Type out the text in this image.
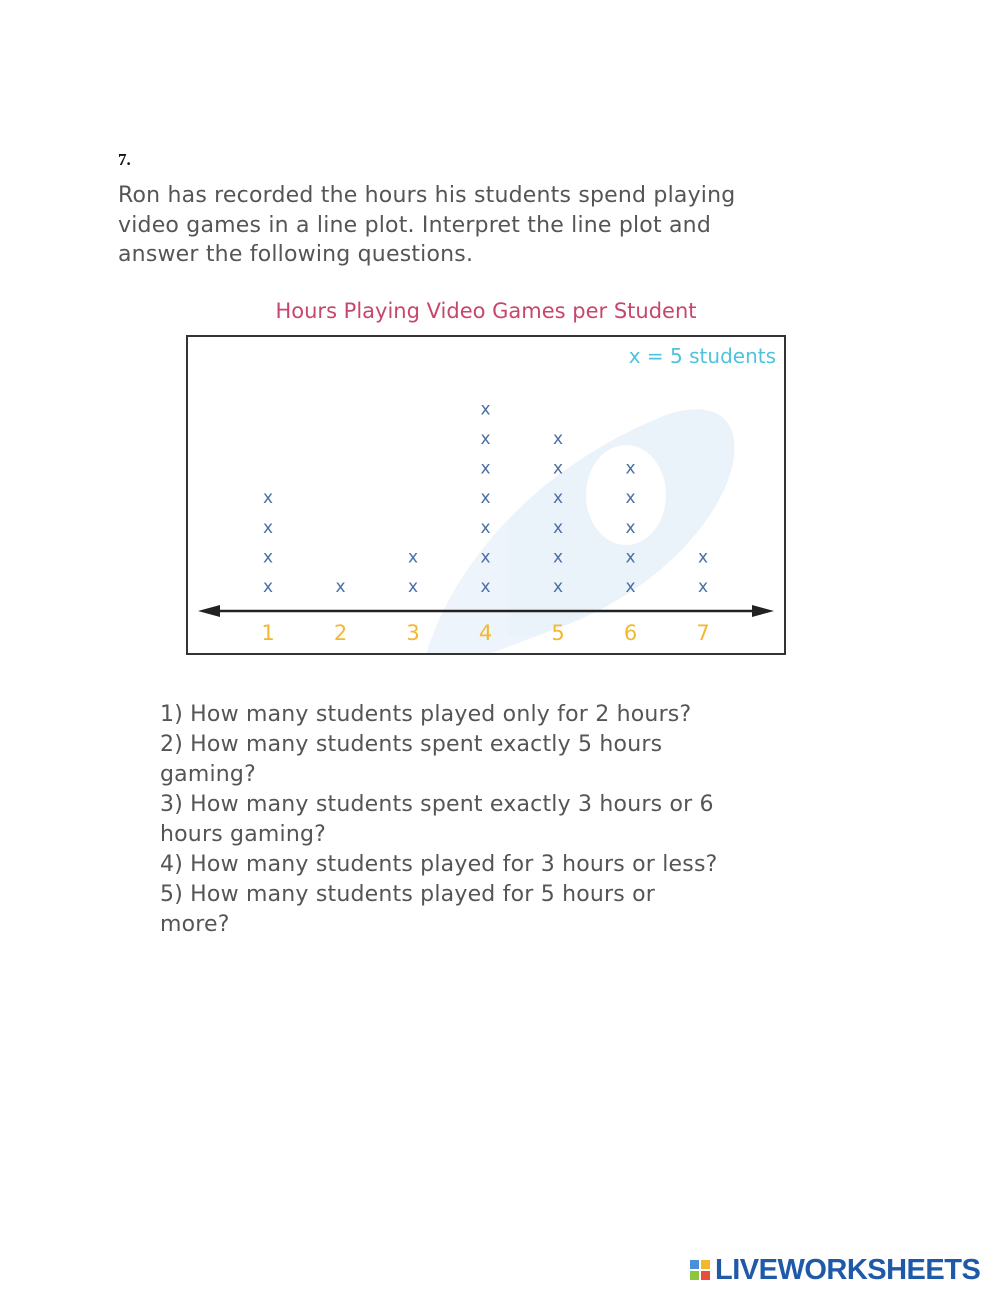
7.
Ron has recorded the hours his students spend playing
video games in a line plot. Interpret the line plot and
answer the following questions.
Hours Playing Video Games per Student
x = 5 students
x
x
x
x
x	x
x
x
x
x
x
x
x
x
x
x
x
x
x
x
x
x
x
x
x
x
x
1	2	3	4	5	6	7
1) How many students played only for 2 hours?
2) How many students spent exactly 5 hours
gaming?
3) How many students spent exactly 3 hours or 6
hours gaming?
4) How many students played for 3 hours or less?
5) How many students played for 5 hours or
more?
LIVEWORKSHEETS
